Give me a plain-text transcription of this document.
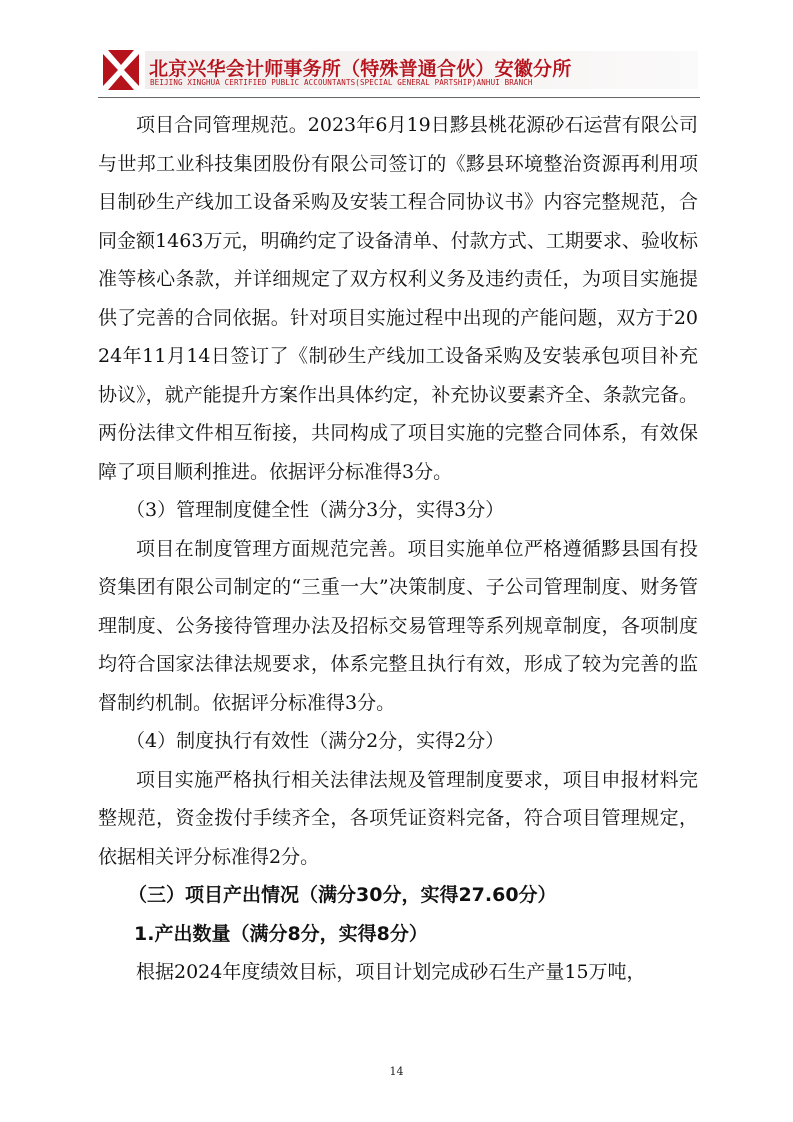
北京兴华会计师事务所（特殊普通合伙）安徽分所
BEIJING XINGHUA CERTIFIED PUBLIC ACCOUNTANTS(SPECIAL GENERAL PARTSHIP)ANHUI BRANCH

项目合同管理规范。2023年6月19日黟县桃花源砂石运营有限公司与世邦工业科技集团股份有限公司签订的《黟县环境整治资源再利用项目制砂生产线加工设备采购及安装工程合同协议书》内容完整规范，合同金额1463万元，明确约定了设备清单、付款方式、工期要求、验收标准等核心条款，并详细规定了双方权利义务及违约责任，为项目实施提供了完善的合同依据。针对项目实施过程中出现的产能问题，双方于2024年11月14日签订了《制砂生产线加工设备采购及安装承包项目补充协议》，就产能提升方案作出具体约定，补充协议要素齐全、条款完备。两份法律文件相互衔接，共同构成了项目实施的完整合同体系，有效保障了项目顺利推进。依据评分标准得3分。

（3）管理制度健全性（满分3分，实得3分）

项目在制度管理方面规范完善。项目实施单位严格遵循黟县国有投资集团有限公司制定的“三重一大”决策制度、子公司管理制度、财务管理制度、公务接待管理办法及招标交易管理等系列规章制度，各项制度均符合国家法律法规要求，体系完整且执行有效，形成了较为完善的监督制约机制。依据评分标准得3分。

（4）制度执行有效性（满分2分，实得2分）

项目实施严格执行相关法律法规及管理制度要求，项目申报材料完整规范，资金拨付手续齐全，各项凭证资料完备，符合项目管理规定，依据相关评分标准得2分。

（三）项目产出情况（满分30分，实得27.60分）

1.产出数量（满分8分，实得8分）

根据2024年度绩效目标，项目计划完成砂石生产量15万吨，

14
